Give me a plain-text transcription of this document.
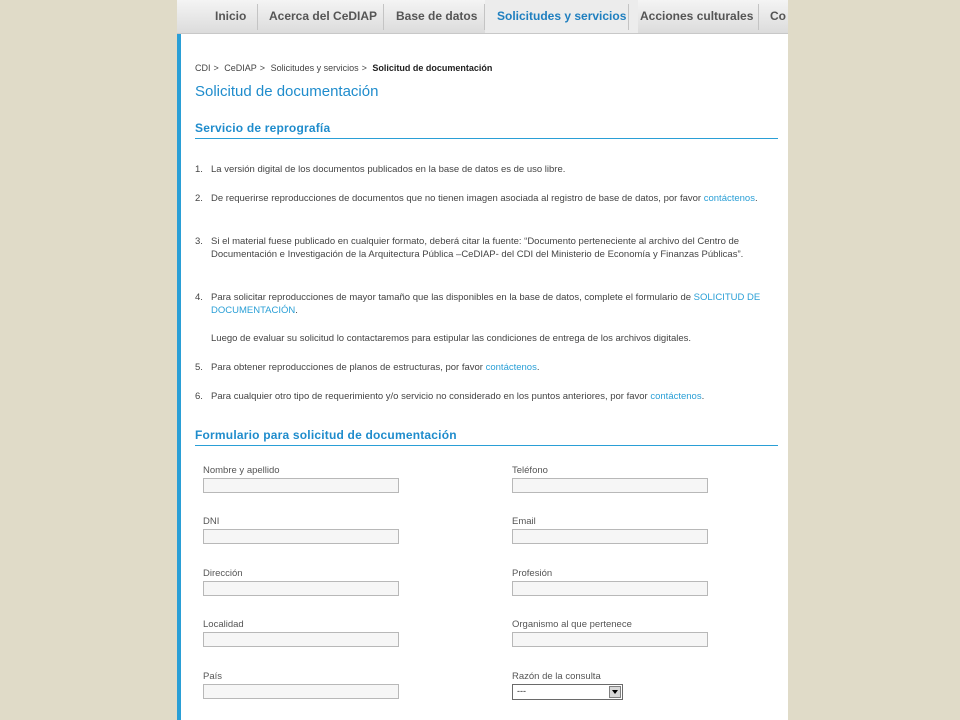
Inicio Acerca del CeDIAP Base de datos	Solicitudes y servicios	Acciones culturales Co
CDI > CeDIAP > Solicitudes y servicios > Solicitud de documentación
Solicitud de documentación
Servicio de reprografía
1. La versión digital de los documentos publicados en la base de datos es de uso libre.
2. De requerirse reproducciones de documentos que no tienen imagen asociada al registro de base de datos, por favor contáctenos.
3. Si el material fuese publicado en cualquier formato, deberá citar la fuente: “Documento perteneciente al archivo del Centro de Documentación e Investigación de la Arquitectura Pública –CeDIAP- del CDI del Ministerio de Economía y Finanzas Públicas”.
4. Para solicitar reproducciones de mayor tamaño que las disponibles en la base de datos, complete el formulario de SOLICITUD DE DOCUMENTACIÓN.
Luego de evaluar su solicitud lo contactaremos para estipular las condiciones de entrega de los archivos digitales.
5. Para obtener reproducciones de planos de estructuras, por favor contáctenos.
6. Para cualquier otro tipo de requerimiento y/o servicio no considerado en los puntos anteriores, por favor contáctenos.
Formulario para solicitud de documentación
Nombre y apellido	Teléfono
DNI	Email
Dirección	Profesión
Localidad	Organismo al que pertenece
País	Razón de la consulta
---
